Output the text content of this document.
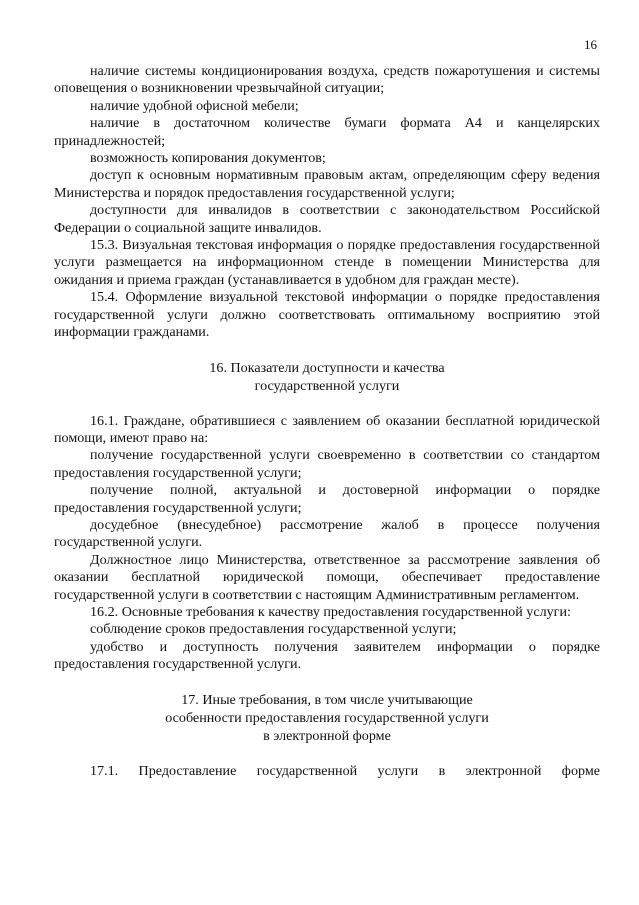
16

наличие системы кондиционирования воздуха, средств пожаротушения и системы оповещения о возникновении чрезвычайной ситуации;

наличие удобной офисной мебели;

наличие в достаточном количестве бумаги формата А4 и канцелярских принадлежностей;

возможность копирования документов;

доступ к основным нормативным правовым актам, определяющим сферу ведения Министерства и порядок предоставления государственной услуги;

доступности для инвалидов в соответствии с законодательством Российской Федерации о социальной защите инвалидов.

15.3. Визуальная текстовая информация о порядке предоставления государственной услуги размещается на информационном стенде в помещении Министерства для ожидания и приема граждан (устанавливается в удобном для граждан месте).

15.4. Оформление визуальной текстовой информации о порядке предоставления государственной услуги должно соответствовать оптимальному восприятию этой информации гражданами.

16. Показатели доступности и качества
государственной услуги

16.1. Граждане, обратившиеся с заявлением об оказании бесплатной юридической помощи, имеют право на:

получение государственной услуги своевременно в соответствии со стандартом предоставления государственной услуги;

получение полной, актуальной и достоверной информации о порядке предоставления государственной услуги;

досудебное (внесудебное) рассмотрение жалоб в процессе получения государственной услуги.

Должностное лицо Министерства, ответственное за рассмотрение заявления об оказании бесплатной юридической помощи, обеспечивает предоставление государственной услуги в соответствии с настоящим Административным регламентом.

16.2. Основные требования к качеству предоставления государственной услуги:

соблюдение сроков предоставления государственной услуги;

удобство и доступность получения заявителем информации о порядке предоставления государственной услуги.

17. Иные требования, в том числе учитывающие
особенности предоставления государственной услуги
в электронной форме

17.1. Предоставление государственной услуги в электронной форме
